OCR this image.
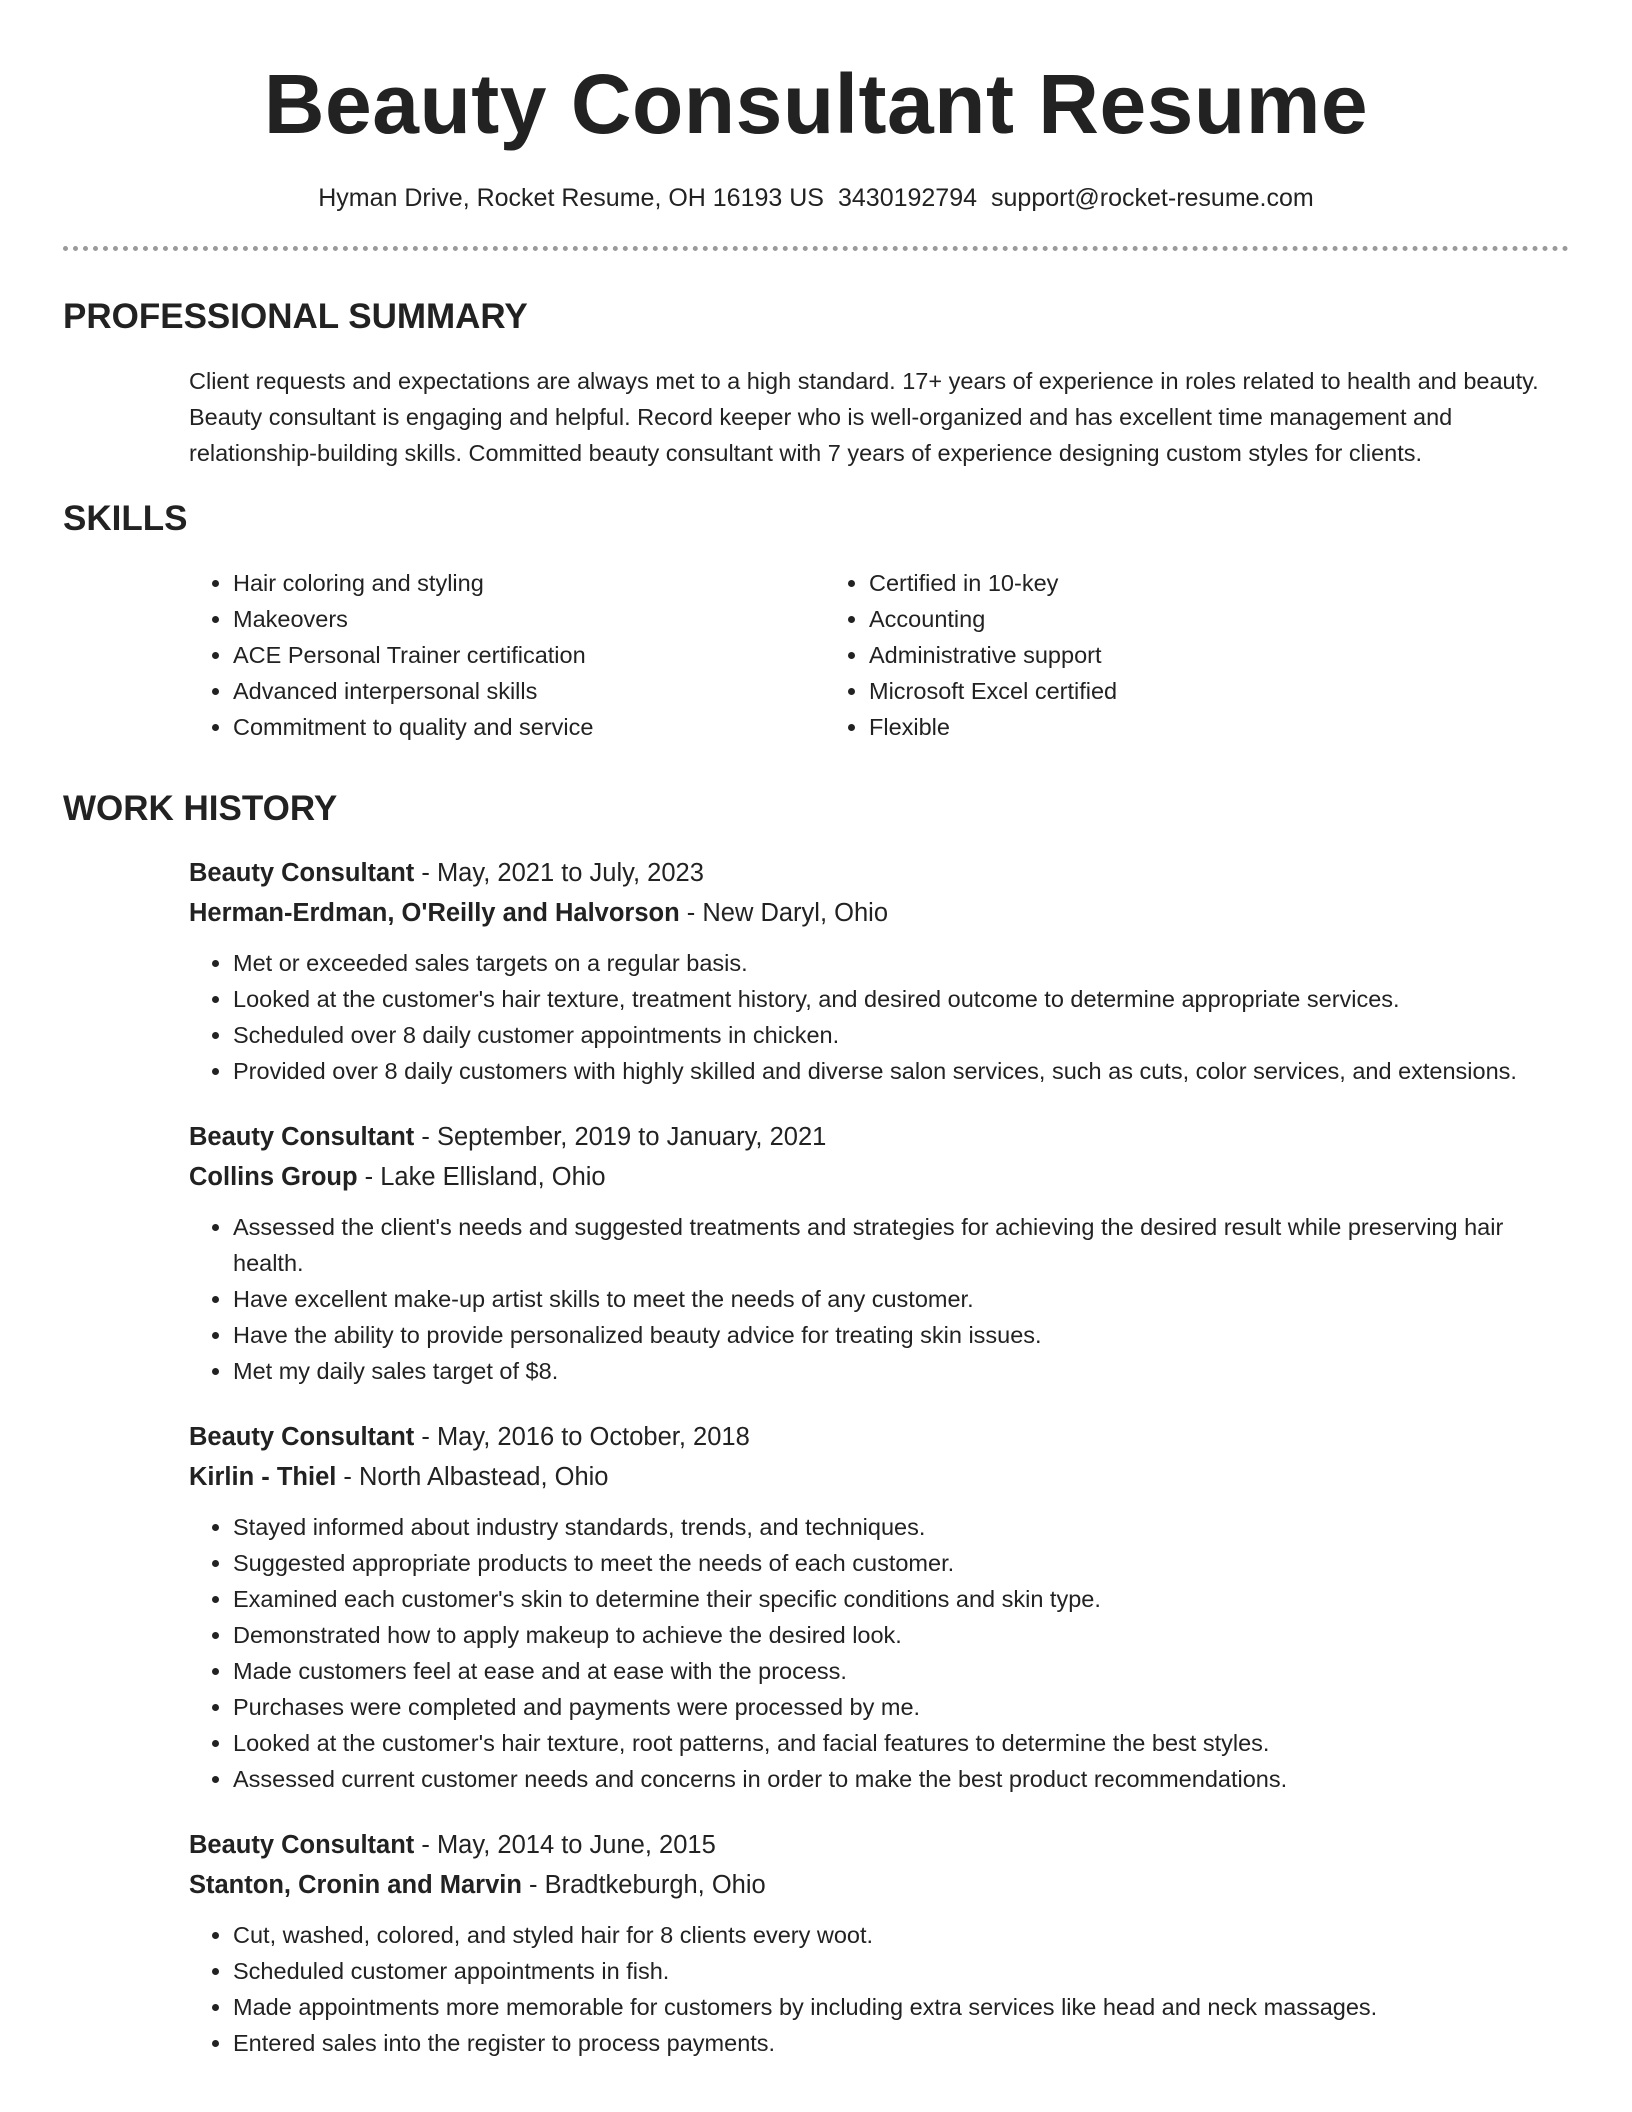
Beauty Consultant Resume
Hyman Drive, Rocket Resume, OH 16193 US 3430192794 support@rocket-resume.com
PROFESSIONAL SUMMARY

Client requests and expectations are always met to a high standard. 17+ years of experience in roles related to health and beauty. Beauty consultant is engaging and helpful. Record keeper who is well-organized and has excellent time management and relationship-building skills. Committed beauty consultant with 7 years of experience designing custom styles for clients.

SKILLS
• Hair coloring and styling
• Makeovers
• ACE Personal Trainer certification
• Advanced interpersonal skills
• Commitment to quality and service
• Certified in 10-key
• Accounting
• Administrative support
• Microsoft Excel certified
• Flexible
WORK HISTORY
Beauty Consultant - May, 2021 to July, 2023
Herman-Erdman, O'Reilly and Halvorson - New Daryl, Ohio
• Met or exceeded sales targets on a regular basis.
• Looked at the customer's hair texture, treatment history, and desired outcome to determine appropriate services.
• Scheduled over 8 daily customer appointments in chicken.
• Provided over 8 daily customers with highly skilled and diverse salon services, such as cuts, color services, and extensions.
Beauty Consultant - September, 2019 to January, 2021
Collins Group - Lake Ellisland, Ohio
• Assessed the client's needs and suggested treatments and strategies for achieving the desired result while preserving hair health.
• Have excellent make-up artist skills to meet the needs of any customer.
• Have the ability to provide personalized beauty advice for treating skin issues.
• Met my daily sales target of $8.
Beauty Consultant - May, 2016 to October, 2018
Kirlin - Thiel - North Albastead, Ohio
• Stayed informed about industry standards, trends, and techniques.
• Suggested appropriate products to meet the needs of each customer.
• Examined each customer's skin to determine their specific conditions and skin type.
• Demonstrated how to apply makeup to achieve the desired look.
• Made customers feel at ease and at ease with the process.
• Purchases were completed and payments were processed by me.
• Looked at the customer's hair texture, root patterns, and facial features to determine the best styles.
• Assessed current customer needs and concerns in order to make the best product recommendations.
Beauty Consultant - May, 2014 to June, 2015
Stanton, Cronin and Marvin - Bradtkeburgh, Ohio
• Cut, washed, colored, and styled hair for 8 clients every woot.
• Scheduled customer appointments in fish.
• Made appointments more memorable for customers by including extra services like head and neck massages.
• Entered sales into the register to process payments.
